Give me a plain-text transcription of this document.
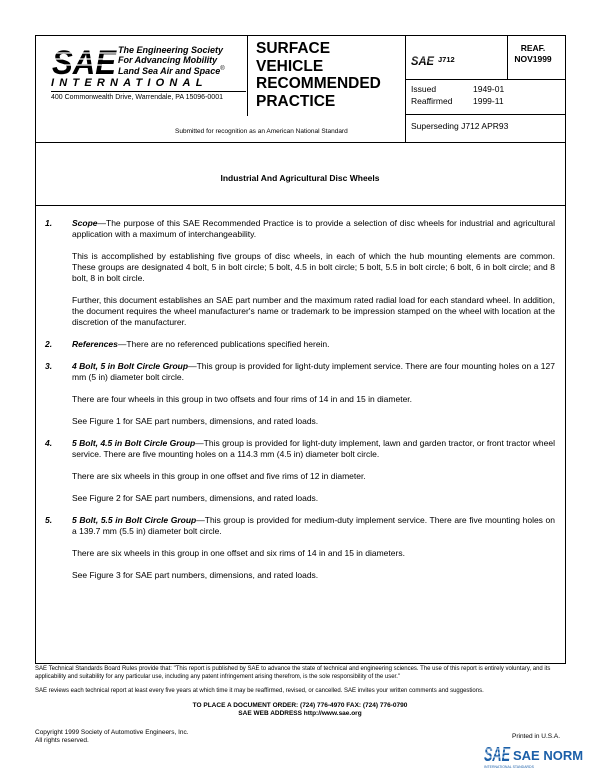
SAE The Engineering Society
For Advancing Mobility
Land Sea Air and Space®
INTERNATIONAL
400 Commonwealth Drive, Warrendale, PA 15096-0001
SURFACE
VEHICLE
RECOMMENDED
PRACTICE
SAE J712
REAF.
NOV1999
Issued	1949-01
Reaffirmed 1999-11
Superseding J712 APR93
Submitted for recognition as an American National Standard
Industrial And Agricultural Disc Wheels
1. Scope—The purpose of this SAE Recommended Practice is to provide a selection of disc wheels for industrial and agricultural application with a maximum of interchangeability.

This is accomplished by establishing five groups of disc wheels, in each of which the hub mounting elements are common. These groups are designated 4 bolt, 5 in bolt circle; 5 bolt, 4.5 in bolt circle; 5 bolt, 5.5 in bolt circle; 6 bolt, 6 in bolt circle; and 8 bolt, 8 in bolt circle.

Further, this document establishes an SAE part number and the maximum rated radial load for each standard wheel. In addition, the document requires the wheel manufacturer's name or trademark to be impression stamped on the wheel with location at the discretion of the manufacturer.

2. References—There are no referenced publications specified herein.

3. 4 Bolt, 5 in Bolt Circle Group—This group is provided for light-duty implement service. There are four mounting holes on a 127 mm (5 in) diameter bolt circle.

There are four wheels in this group in two offsets and four rims of 14 in and 15 in diameter.

See Figure 1 for SAE part numbers, dimensions, and rated loads.

4. 5 Bolt, 4.5 in Bolt Circle Group—This group is provided for light-duty implement, lawn and garden tractor, or front tractor wheel service. There are five mounting holes on a 114.3 mm (4.5 in) diameter bolt circle.

There are six wheels in this group in one offset and five rims of 12 in diameter.

See Figure 2 for SAE part numbers, dimensions, and rated loads.

5. 5 Bolt, 5.5 in Bolt Circle Group—This group is provided for medium-duty implement service. There are five mounting holes on a 139.7 mm (5.5 in) diameter bolt circle.

There are six wheels in this group in one offset and six rims of 14 in and 15 in diameters.

See Figure 3 for SAE part numbers, dimensions, and rated loads.

SAE Technical Standards Board Rules provide that: "This report is published by SAE to advance the state of technical and engineering sciences. The use of this report is entirely voluntary, and its applicability and suitability for any particular use, including any patent infringement arising therefrom, is the sole responsibility of the user."
SAE reviews each technical report at least every five years at which time it may be reaffirmed, revised, or cancelled. SAE invites your written comments and suggestions.
TO PLACE A DOCUMENT ORDER: (724) 776-4970 FAX: (724) 776-0790
SAE WEB ADDRESS http://www.sae.org
Copyright 1999 Society of Automotive Engineers, Inc.
All rights reserved.
Printed in U.S.A.
SAE SAE NORM
INTERNATIONAL STANDARDS
